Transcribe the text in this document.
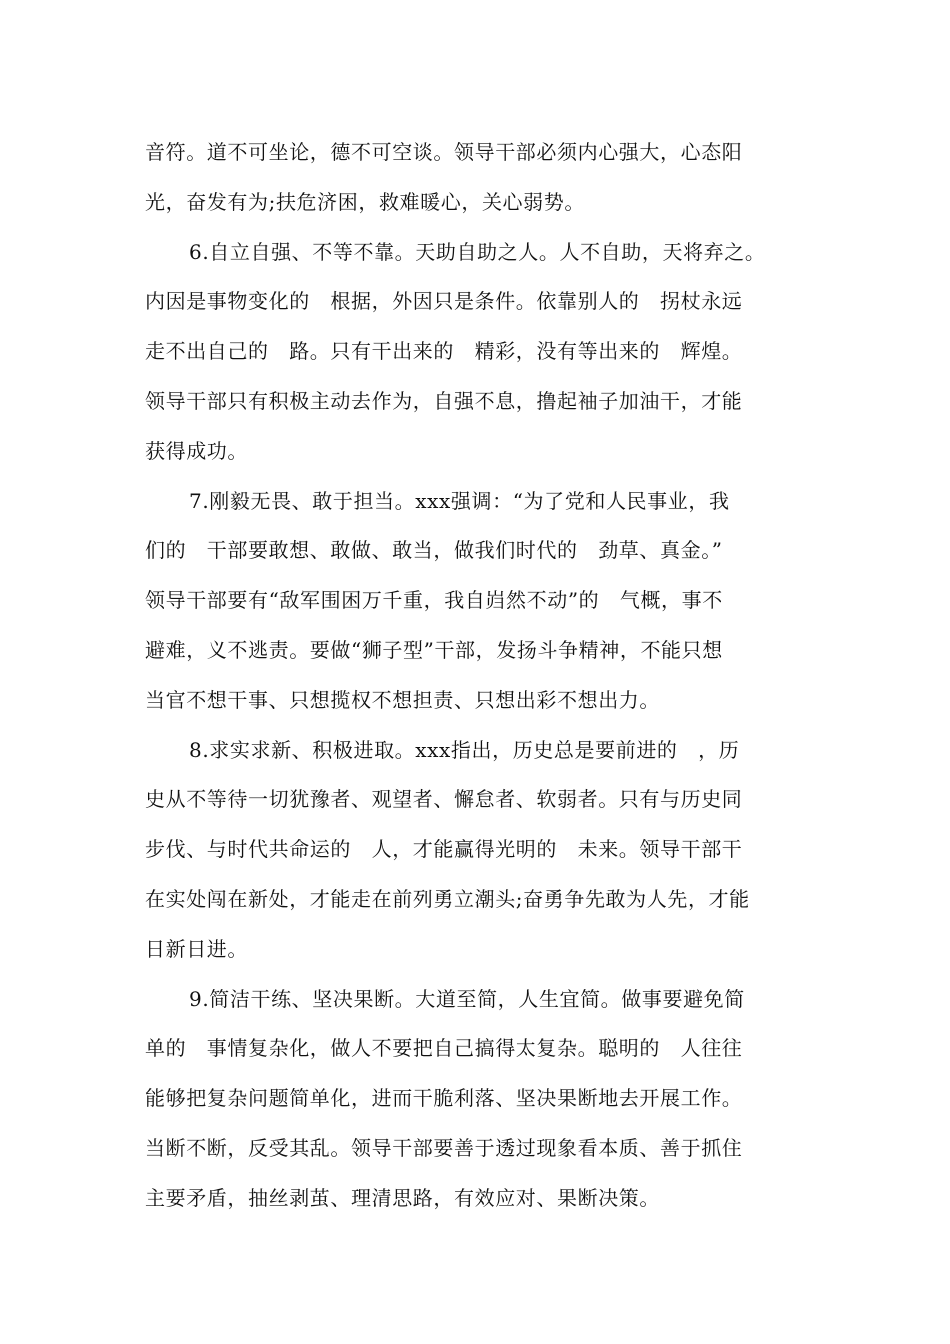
音符。道不可坐论，德不可空谈。领导干部必须内心强大，心态阳
光，奋发有为;扶危济困，救难暖心，关心弱势。
6.自立自强、不等不靠。天助自助之人。人不自助，天将弃之。
内因是事物变化的　根据，外因只是条件。依靠别人的　拐杖永远
走不出自己的　路。只有干出来的　精彩，没有等出来的　辉煌。
领导干部只有积极主动去作为，自强不息，撸起袖子加油干，才能
获得成功。
7.刚毅无畏、敢于担当。xxx强调：“为了党和人民事业，我
们的　干部要敢想、敢做、敢当，做我们时代的　劲草、真金。”
领导干部要有“敌军围困万千重，我自岿然不动”的　气概，事不
避难，义不逃责。要做“狮子型”干部，发扬斗争精神，不能只想
当官不想干事、只想揽权不想担责、只想出彩不想出力。
8.求实求新、积极进取。xxx指出，历史总是要前进的　，历
史从不等待一切犹豫者、观望者、懈怠者、软弱者。只有与历史同
步伐、与时代共命运的　人，才能赢得光明的　未来。领导干部干
在实处闯在新处，才能走在前列勇立潮头;奋勇争先敢为人先，才能
日新日进。
9.简洁干练、坚决果断。大道至简，人生宜简。做事要避免简
单的　事情复杂化，做人不要把自己搞得太复杂。聪明的　人往往
能够把复杂问题简单化，进而干脆利落、坚决果断地去开展工作。
当断不断，反受其乱。领导干部要善于透过现象看本质、善于抓住
主要矛盾，抽丝剥茧、理清思路，有效应对、果断决策。
